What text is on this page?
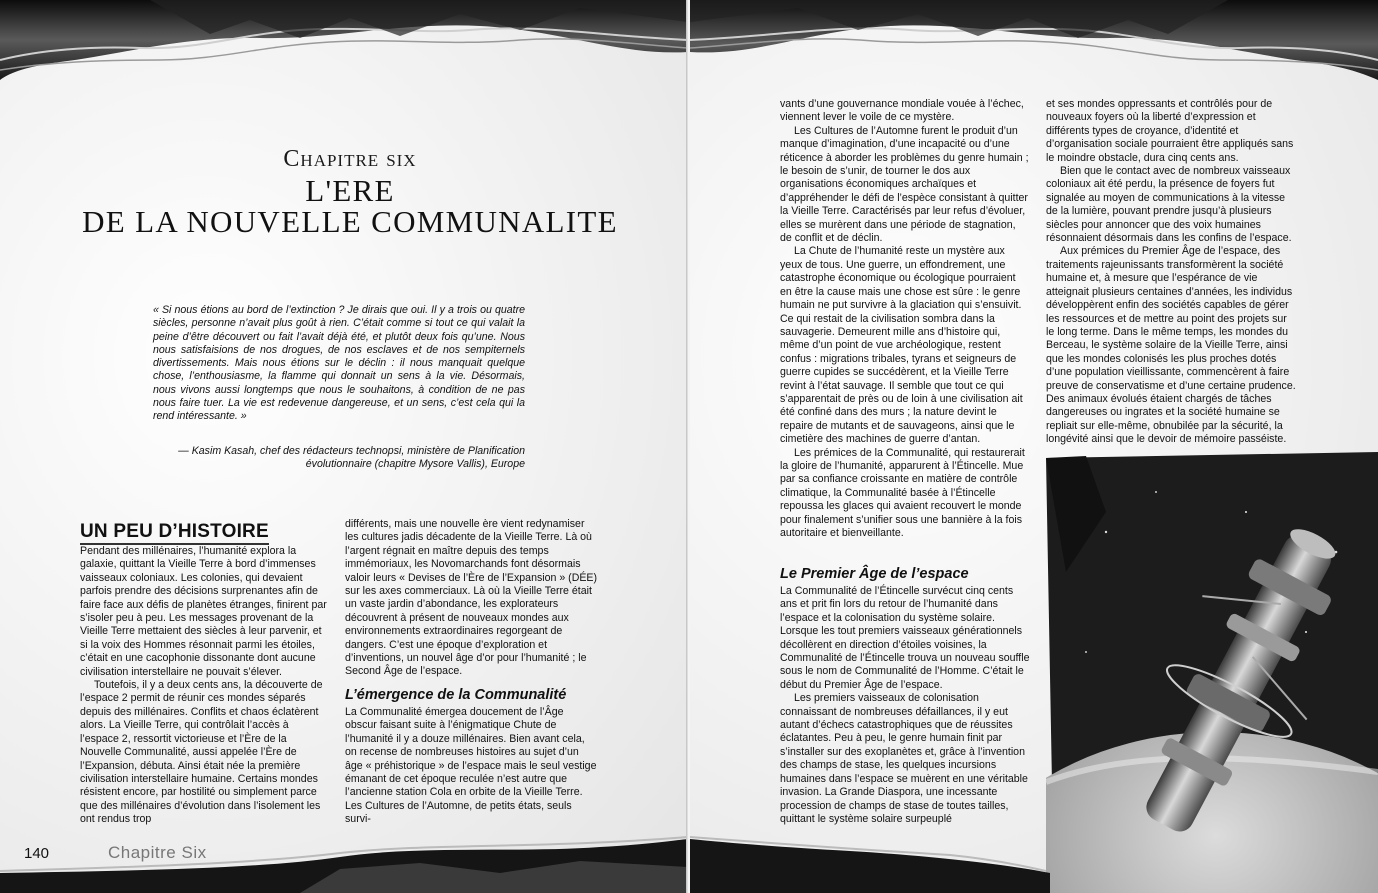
Chapitre six
L'ERE
DE LA NOUVELLE COMMUNALITE
« Si nous étions au bord de l’extinction ? Je dirais que oui. Il y a trois ou quatre siècles, personne n’avait plus goût à rien. C’était comme si tout ce qui valait la peine d’être découvert ou fait l’avait déjà été, et plutôt deux fois qu’une. Nous nous satisfaisions de nos drogues, de nos esclaves et de nos sempiternels divertissements. Mais nous étions sur le déclin : il nous manquait quelque chose, l’enthousiasme, la flamme qui donnait un sens à la vie. Désormais, nous vivons aussi longtemps que nous le souhaitons, à condition de ne pas nous faire tuer. La vie est redevenue dangereuse, et un sens, c’est cela qui la rend intéressante. »
— Kasim Kasah, chef des rédacteurs technopsi, ministère de Planification
évolutionnaire (chapitre Mysore Vallis), Europe
UN PEU D’HISTOIRE

Pendant des millénaires, l’humanité explora la galaxie, quittant la Vieille Terre à bord d’immenses vaisseaux coloniaux. Les colonies, qui devaient parfois prendre des décisions surprenantes afin de faire face aux défis de planètes étranges, finirent par s’isoler peu à peu. Les messages provenant de la Vieille Terre mettaient des siècles à leur parvenir, et si la voix des Hommes résonnait parmi les étoiles, c’était en une cacophonie dissonante dont aucune civilisation interstellaire ne pouvait s’élever.

Toutefois, il y a deux cents ans, la découverte de l’espace 2 permit de réunir ces mondes séparés depuis des millénaires. Conflits et chaos éclatèrent alors. La Vieille Terre, qui contrôlait l’accès à l’espace 2, ressortit victorieuse et l’Ère de la Nouvelle Communalité, aussi appelée l’Ère de l’Expansion, débuta. Ainsi était née la première civilisation interstellaire humaine. Certains mondes résistent encore, par hostilité ou simplement parce que des millénaires d’évolution dans l’isolement les ont rendus trop

différents, mais une nouvelle ère vient redynamiser les cultures jadis décadente de la Vieille Terre. Là où l’argent régnait en maître depuis des temps immémoriaux, les Novomarchands font désormais valoir leurs « Devises de l’Ère de l’Expansion » (DÉE) sur les axes commerciaux. Là où la Vieille Terre était un vaste jardin d’abondance, les explorateurs découvrent à présent de nouveaux mondes aux environnements extraordinaires regorgeant de dangers. C’est une époque d’exploration et d’inventions, un nouvel âge d’or pour l’humanité ; le Second Âge de l’espace.

L’émergence de la Communalité

La Communalité émergea doucement de l’Âge obscur faisant suite à l’énigmatique Chute de l’humanité il y a douze millénaires. Bien avant cela, on recense de nombreuses histoires au sujet d’un âge « préhistorique » de l’espace mais le seul vestige émanant de cet époque reculée n’est autre que l’ancienne station Cola en orbite de la Vieille Terre. Les Cultures de l’Automne, de petits états, seuls survi-

140	Chapitre Six

vants d’une gouvernance mondiale vouée à l’échec, viennent lever le voile de ce mystère.

Les Cultures de l’Automne furent le produit d’un manque d’imagination, d’une incapacité ou d’une réticence à aborder les problèmes du genre humain ; le besoin de s’unir, de tourner le dos aux organisations économiques archaïques et d’appréhender le défi de l’espèce consistant à quitter la Vieille Terre. Caractérisés par leur refus d’évoluer, elles se murèrent dans une période de stagnation, de conflit et de déclin.

La Chute de l’humanité reste un mystère aux yeux de tous. Une guerre, un effondrement, une catastrophe économique ou écologique pourraient en être la cause mais une chose est sûre : le genre humain ne put survivre à la glaciation qui s’ensuivit. Ce qui restait de la civilisation sombra dans la sauvagerie. Demeurent mille ans d’histoire qui, même d’un point de vue archéologique, restent confus : migrations tribales, tyrans et seigneurs de guerre cupides se succédèrent, et la Vieille Terre revint à l’état sauvage. Il semble que tout ce qui s’apparentait de près ou de loin à une civilisation ait été confiné dans des murs ; la nature devint le repaire de mutants et de sauvageons, ainsi que le cimetière des machines de guerre d’antan.

Les prémices de la Communalité, qui restaurerait la gloire de l’humanité, apparurent à l’Étincelle. Mue par sa confiance croissante en matière de contrôle climatique, la Communalité basée à l’Étincelle repoussa les glaces qui avaient recouvert le monde pour finalement s’unifier sous une bannière à la fois autoritaire et bienveillante.

Le Premier Âge de l’espace

La Communalité de l’Étincelle survécut cinq cents ans et prit fin lors du retour de l’humanité dans l’espace et la colonisation du système solaire. Lorsque les tout premiers vaisseaux générationnels décollèrent en direction d’étoiles voisines, la Communalité de l’Étincelle trouva un nouveau souffle sous le nom de Communalité de l’Homme. C’était le début du Premier Âge de l’espace.

Les premiers vaisseaux de colonisation connaissant de nombreuses défaillances, il y eut autant d’échecs catastrophiques que de réussites éclatantes. Peu à peu, le genre humain finit par s’installer sur des exoplanètes et, grâce à l’invention des champs de stase, les quelques incursions humaines dans l’espace se muèrent en une véritable invasion. La Grande Diaspora, une incessante procession de champs de stase de toutes tailles, quittant le système solaire surpeuplé

et ses mondes oppressants et contrôlés pour de nouveaux foyers où la liberté d’expression et différents types de croyance, d’identité et d’organisation sociale pourraient être appliqués sans le moindre obstacle, dura cinq cents ans.

Bien que le contact avec de nombreux vaisseaux coloniaux ait été perdu, la présence de foyers fut signalée au moyen de communications à la vitesse de la lumière, pouvant prendre jusqu’à plusieurs siècles pour annoncer que des voix humaines résonnaient désormais dans les confins de l’espace.

Aux prémices du Premier Âge de l’espace, des traitements rajeunissants transformèrent la société humaine et, à mesure que l’espérance de vie atteignait plusieurs centaines d’années, les individus développèrent enfin des sociétés capables de gérer les ressources et de mettre au point des projets sur le long terme. Dans le même temps, les mondes du Berceau, le système solaire de la Vieille Terre, ainsi que les mondes colonisés les plus proches dotés d’une population vieillissante, commencèrent à faire preuve de conservatisme et d’une certaine prudence. Des animaux évolués étaient chargés de tâches dangereuses ou ingrates et la société humaine se repliait sur elle-même, obnubilée par la sécurité, la longévité ainsi que le devoir de mémoire passéiste.
